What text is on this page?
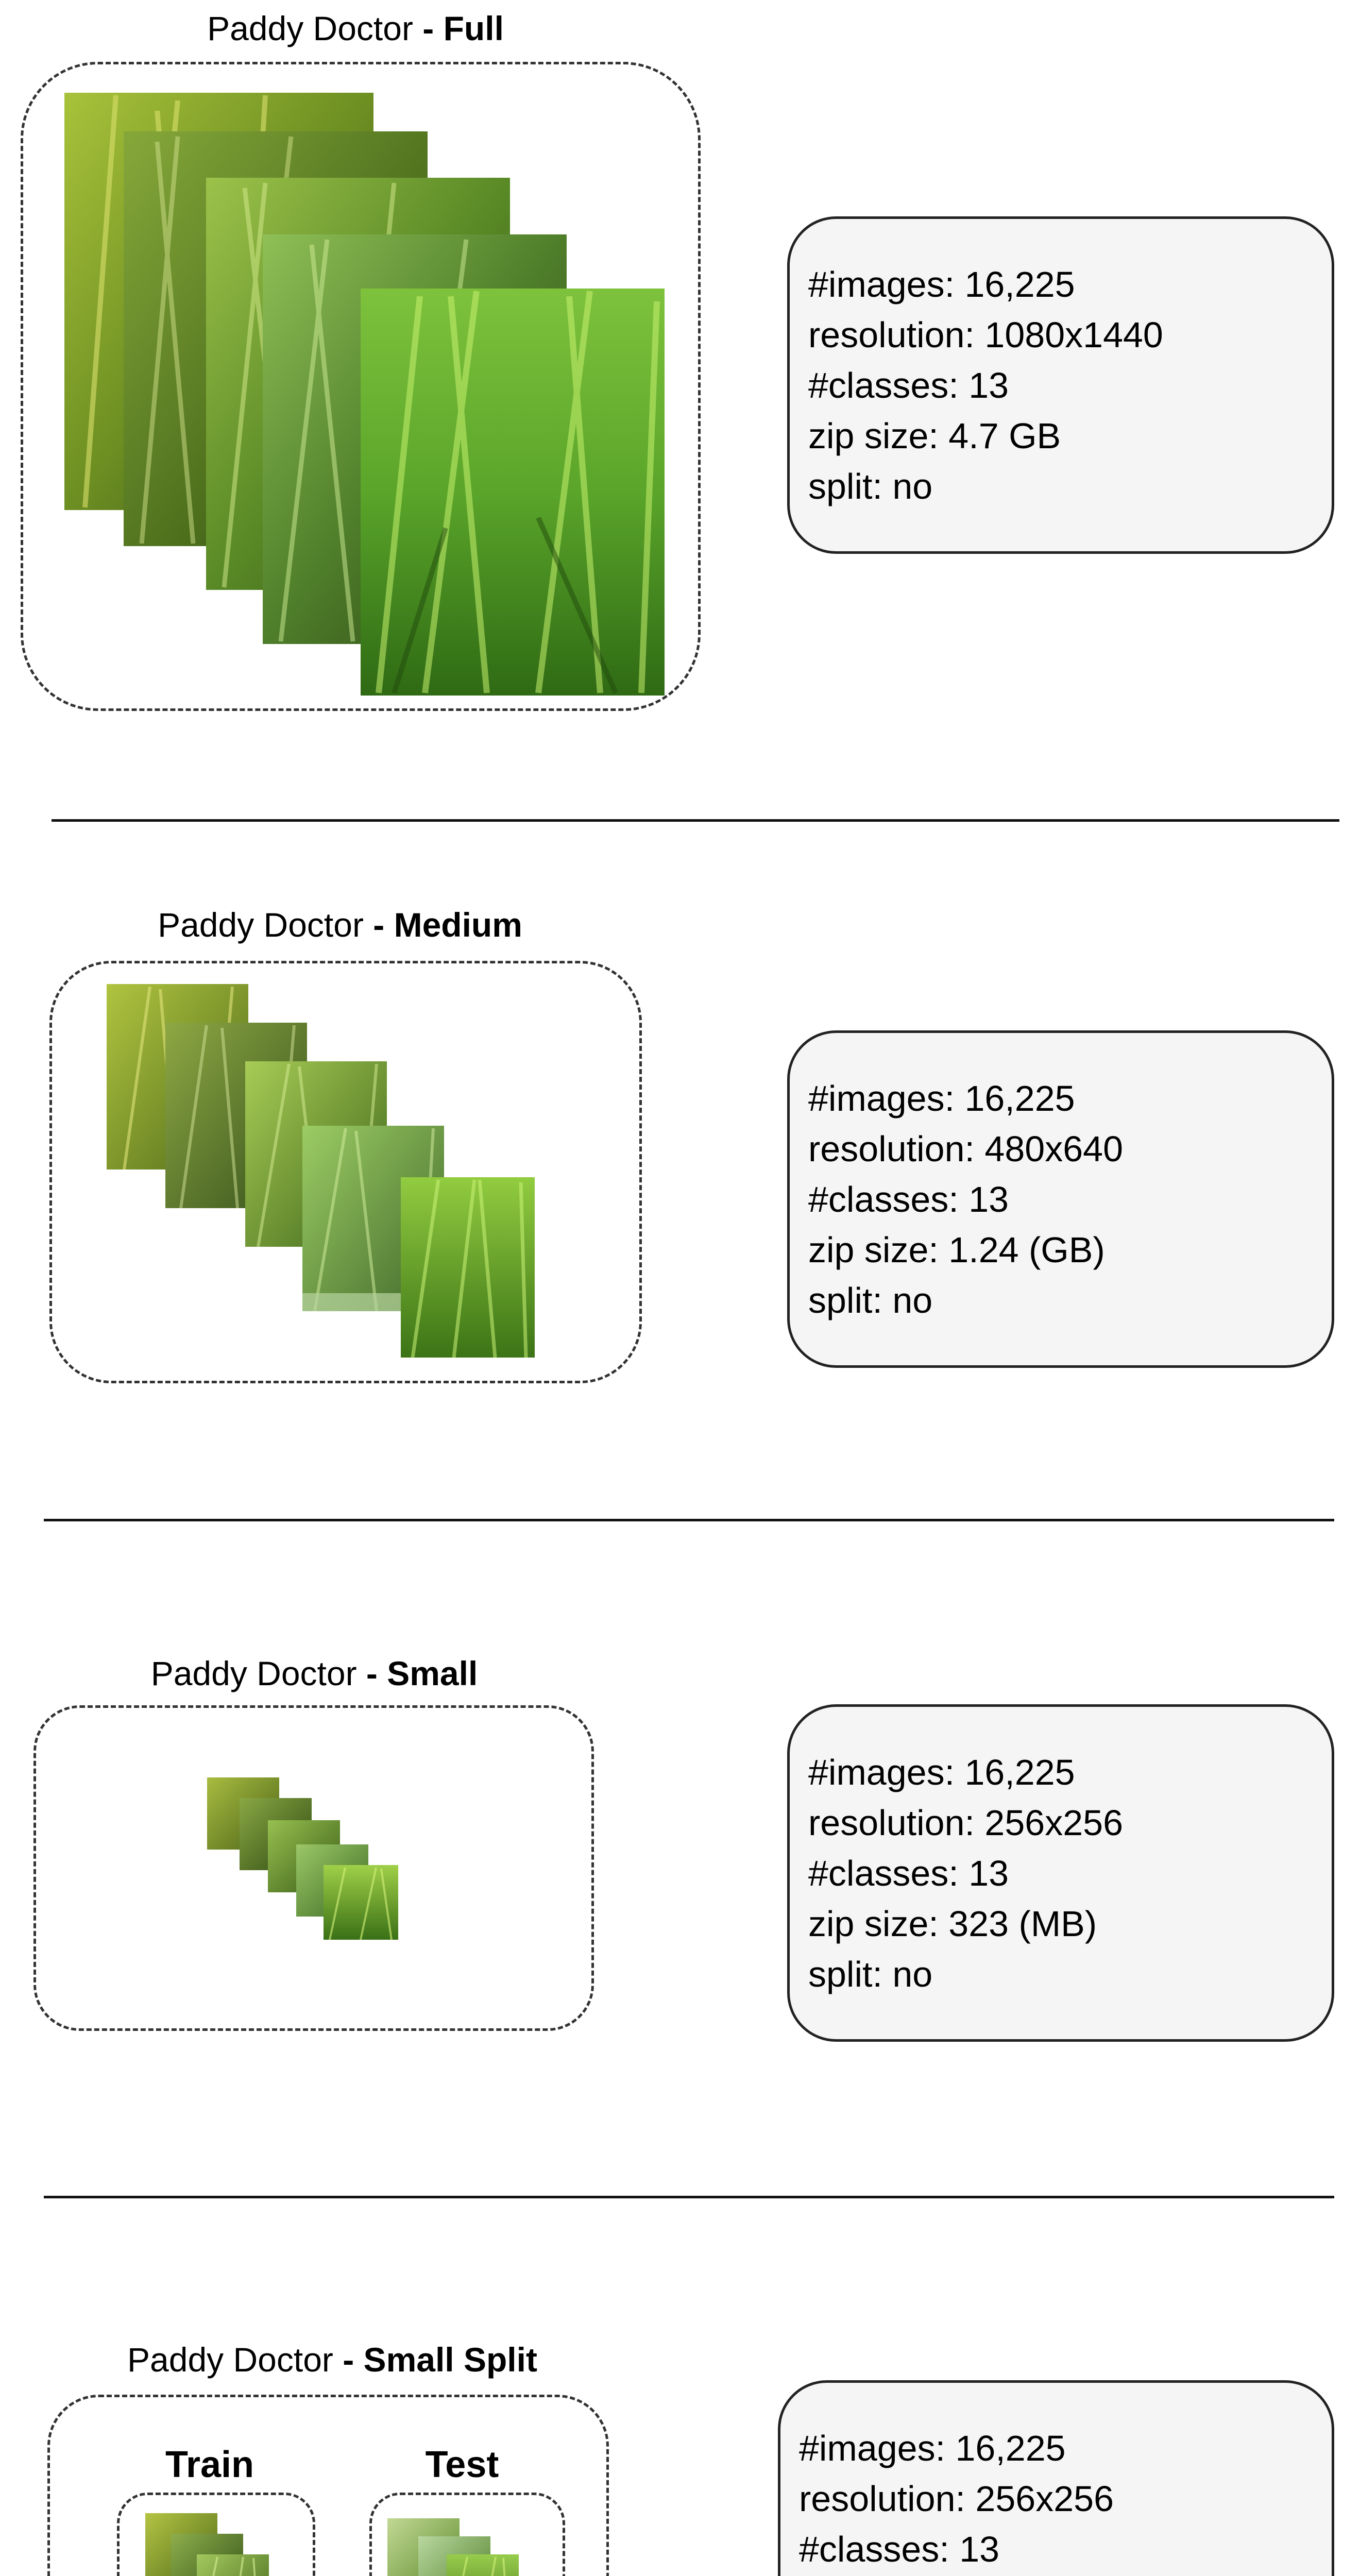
Paddy Doctor - Full
#images: 16,225
resolution: 1080x1440
#classes: 13
zip size: 4.7 GB
split: no
Paddy Doctor - Medium
#images: 16,225
resolution: 480x640
#classes: 13
zip size: 1.24 (GB)
split: no
Paddy Doctor - Small
#images: 16,225
resolution: 256x256
#classes: 13
zip size: 323 (MB)
split: no
Paddy Doctor - Small Split
Train	Test	#images: 16,225
resolution: 256x256
#classes: 13
